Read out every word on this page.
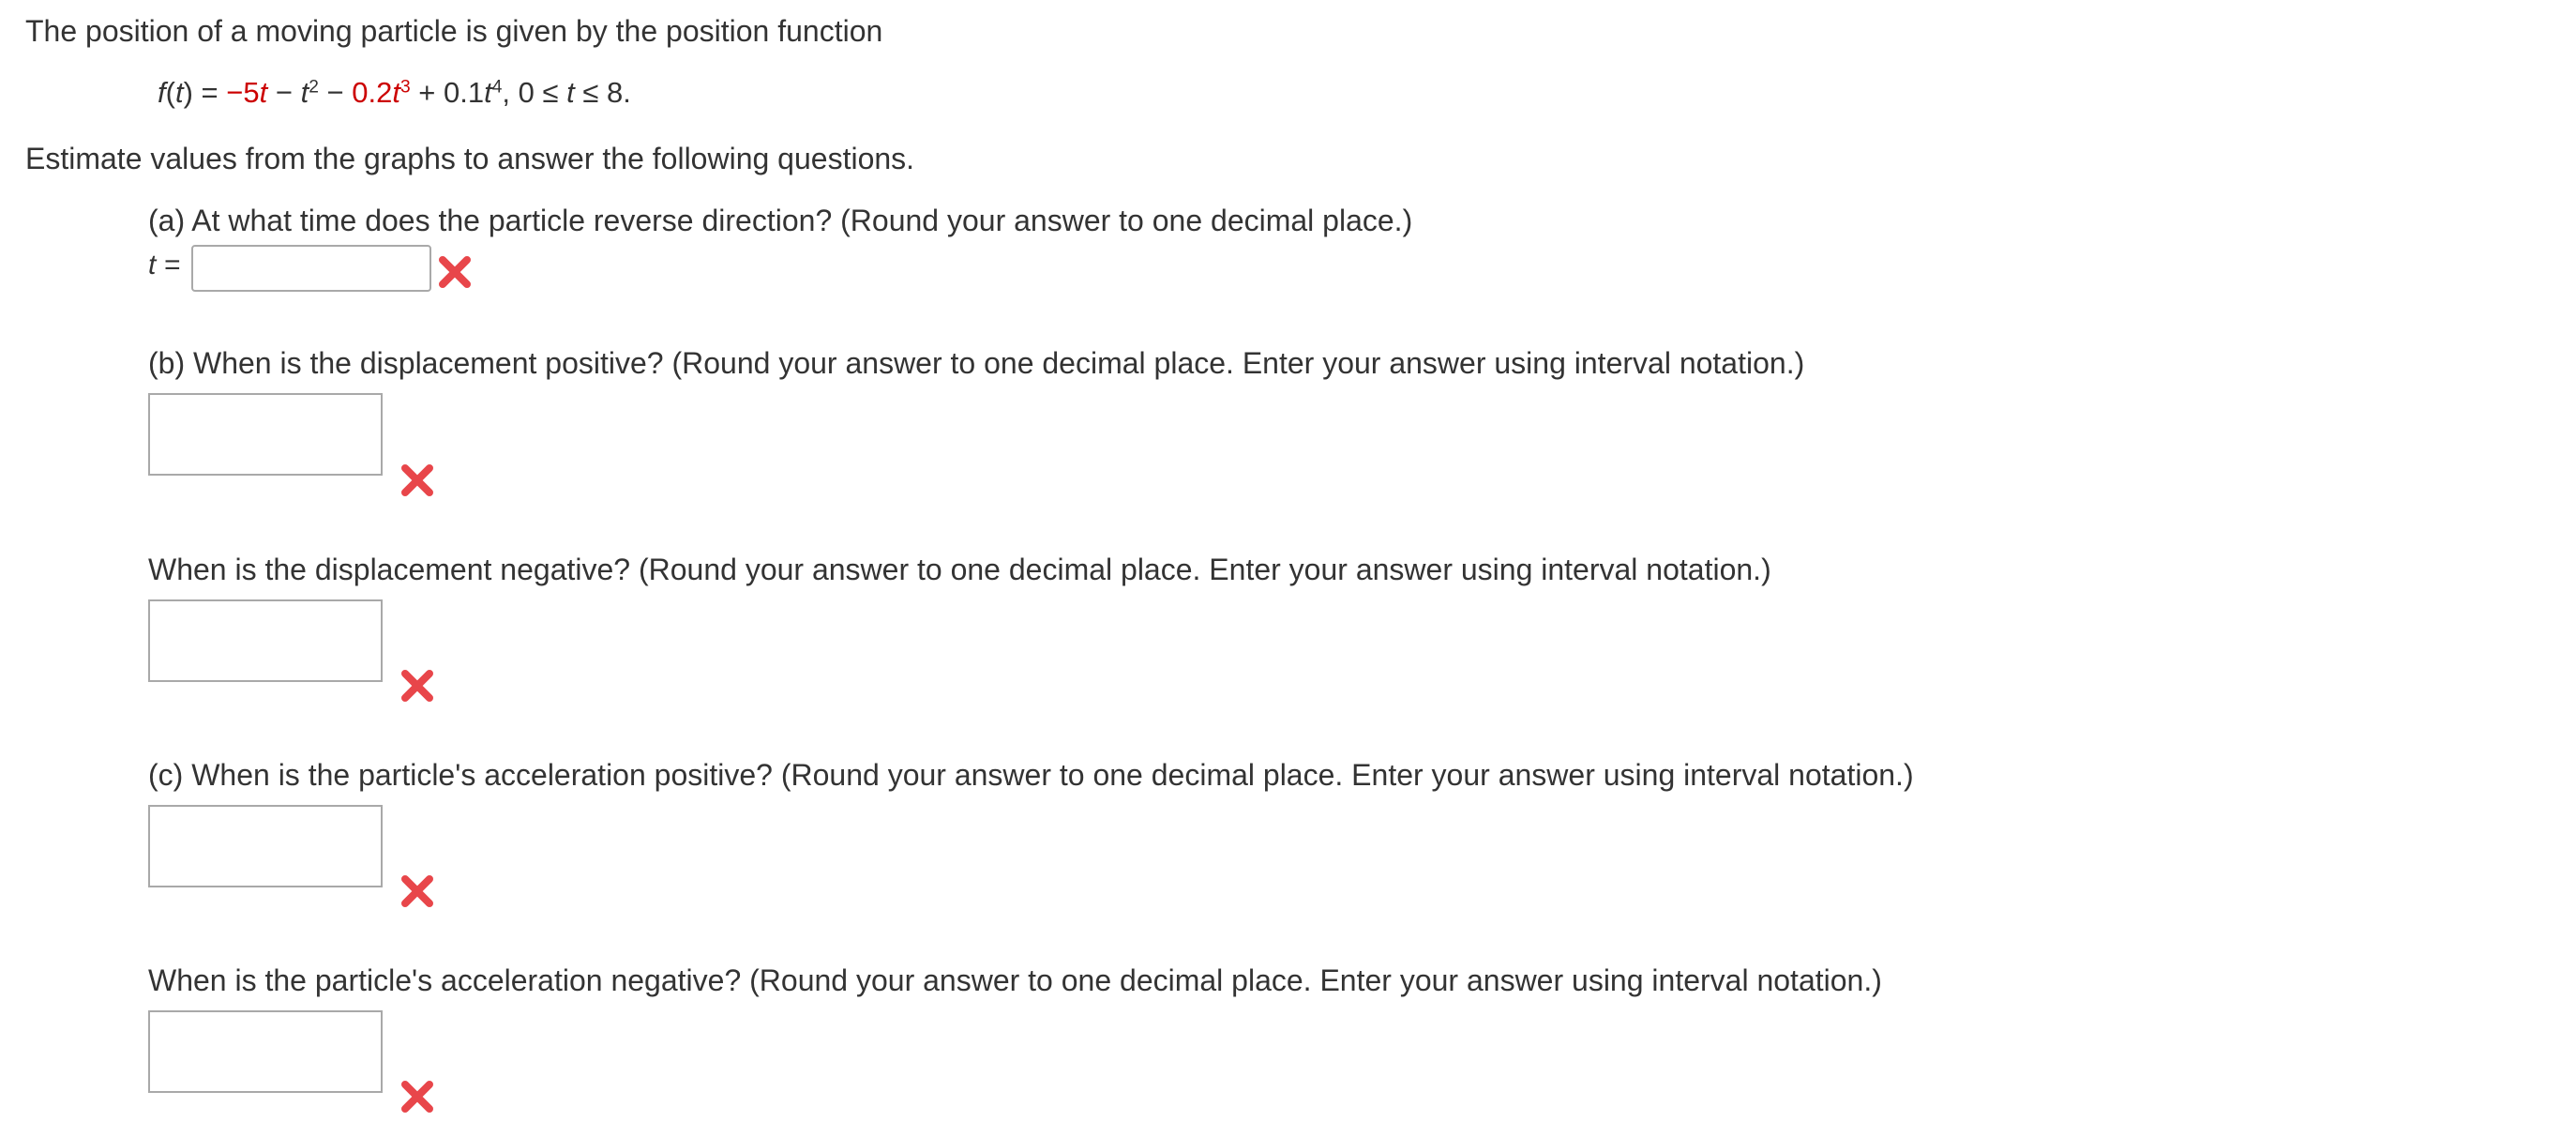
The position of a moving particle is given by the position function
$f(t) = -5t - t^2 - 0.2t^3 + 0.1t^4$, 0 ≤ t ≤ 8.
Estimate values from the graphs to answer the following questions.
(a) At what time does the particle reverse direction? (Round your answer to one decimal place.)
t =
(b) When is the displacement positive? (Round your answer to one decimal place. Enter your answer using interval notation.)
When is the displacement negative? (Round your answer to one decimal place. Enter your answer using interval notation.)
(c) When is the particle's acceleration positive? (Round your answer to one decimal place. Enter your answer using interval notation.)
When is the particle's acceleration negative? (Round your answer to one decimal place. Enter your answer using interval notation.)
